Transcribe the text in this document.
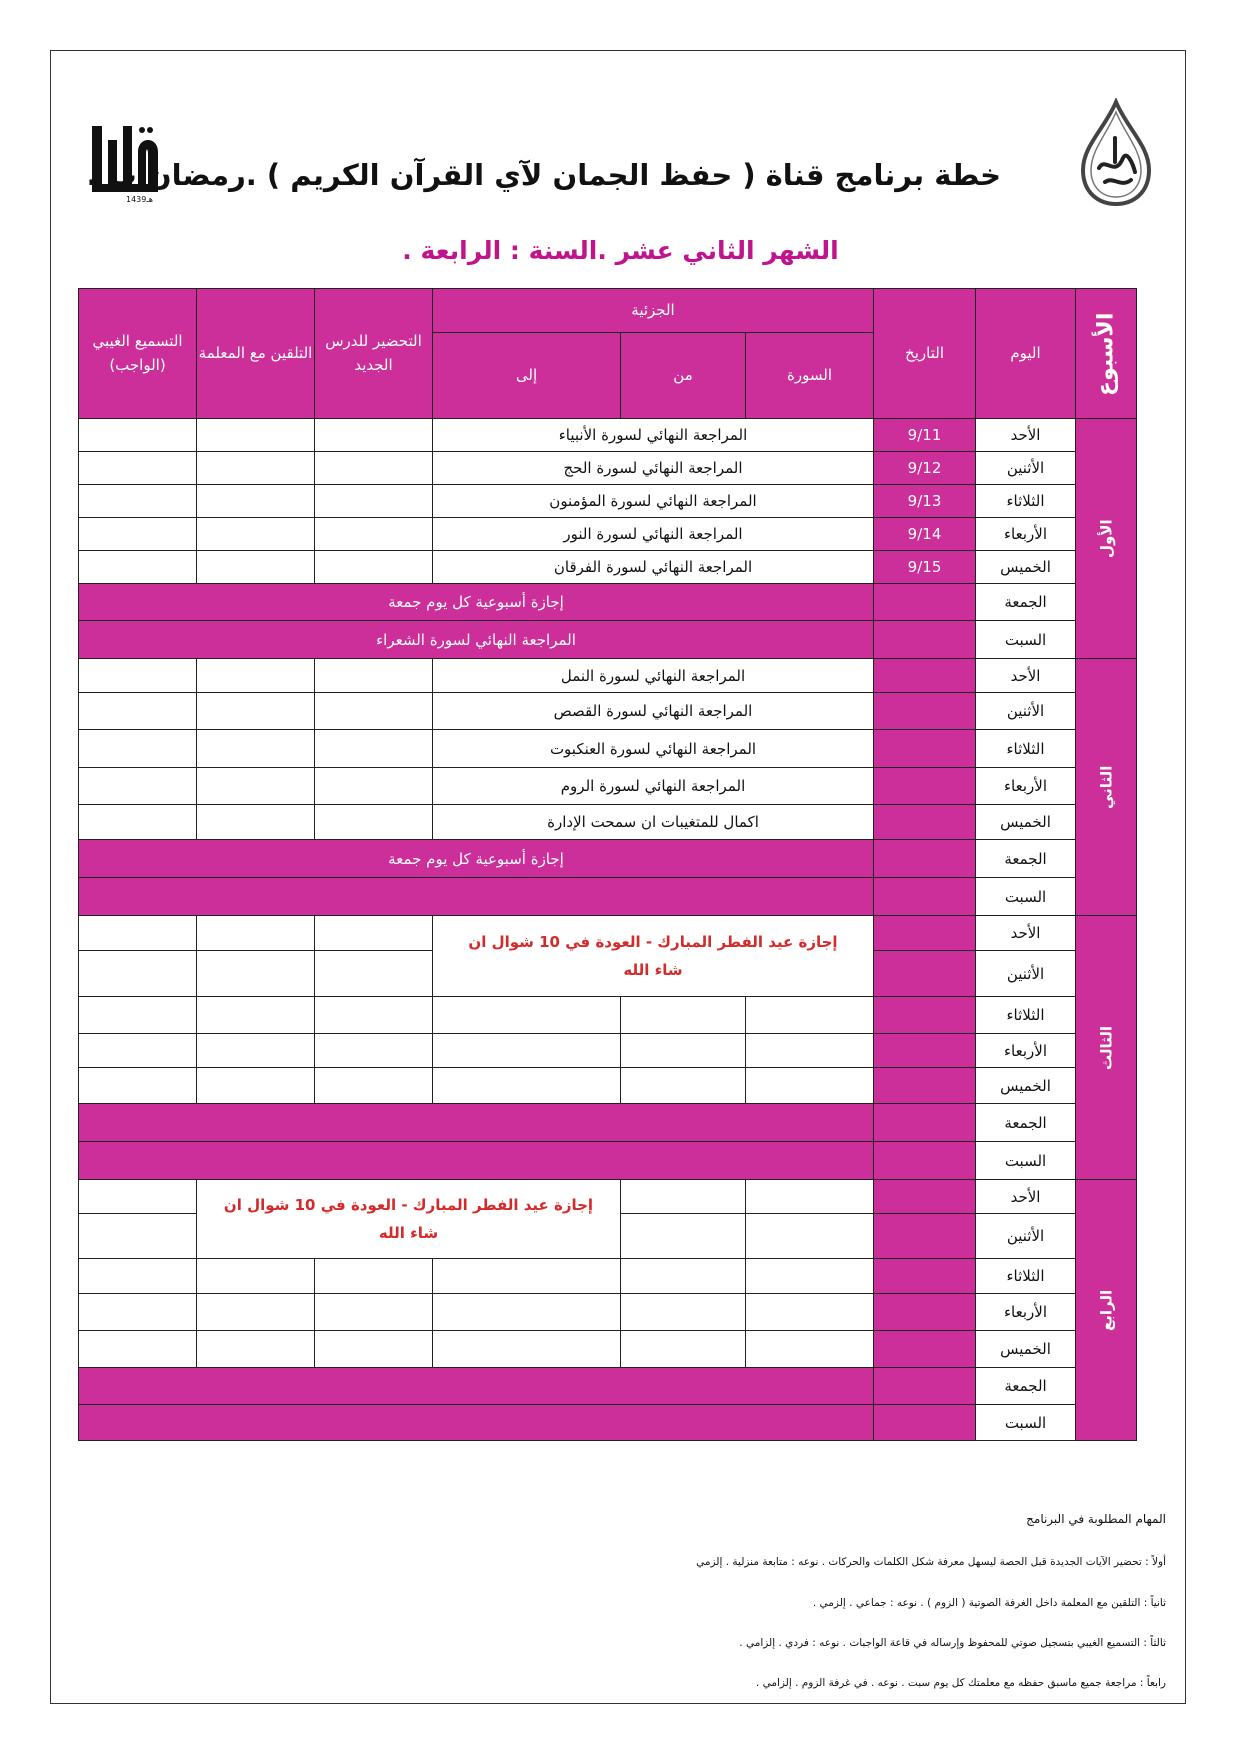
1439هـ
خطة برنامج قناة ( حفظ الجمان لآي القرآن الكريم ) .رمضان ب .
الشهر الثاني عشر .السنة : الرابعة .
الأسبوع	اليوم	التاريخ	الجزئية			التحضير للدرس الجديد	التلقين مع المعلمة	التسميع الغيبي (الواجب)
			السورة	من	إلى			
الأول	الأحد	9/11	المراجعة النهائي لسورة الأنبياء					
	الأثنين	9/12	المراجعة النهائي لسورة الحج					
	الثلاثاء	9/13	المراجعة النهائي لسورة المؤمنون					
	الأربعاء	9/14	المراجعة النهائي لسورة النور					
	الخميس	9/15	المراجعة النهائي لسورة الفرقان					
	الجمعة		إجازة أسبوعية كل يوم جمعة					
	السبت		المراجعة النهائي لسورة الشعراء					
الثاني	الأحد		المراجعة النهائي لسورة النمل					
	الأثنين		المراجعة النهائي لسورة القصص					
	الثلاثاء		المراجعة النهائي لسورة العنكبوت					
	الأربعاء		المراجعة النهائي لسورة الروم					
	الخميس		اكمال للمتغيبات ان سمحت الإدارة					
	الجمعة		إجازة أسبوعية كل يوم جمعة					
	السبت							
الثالث	الأحد		إجازة عيد الفطر المبارك - العودة في 10 شوال ان شاء الله					

	الأثنين							
	الثلاثاء							
	الأربعاء							
	الخميس							
	الجمعة							
	السبت							
الرابع	الأحد				إجازة عيد الفطر المبارك - العودة في 10 شوال ان شاء الله			

	الأثنين							
	الثلاثاء							
	الأربعاء							
	الخميس							
	الجمعة							
	السبت							
المهام المطلوبة في البرنامج
أولاً : تحضير الآيات الجديدة قبل الحصة ليسهل معرفة شكل الكلمات والحركات . نوعه : متابعة منزلية . إلزمي
ثانياً : التلقين مع المعلمة داخل الغرفة الصوتية ( الزوم ) . نوعه : جماعي . إلزمي .
ثالثاً : التسميع الغيبي بتسجيل صوتي للمحفوظ وإرساله في قاعة الواجبات . نوعه : فردي . إلزامي .
رابعاً : مراجعة جميع ماسبق حفظه مع معلمتك كل يوم سبت . نوعه . في غرفة الزوم . إلزامي .
